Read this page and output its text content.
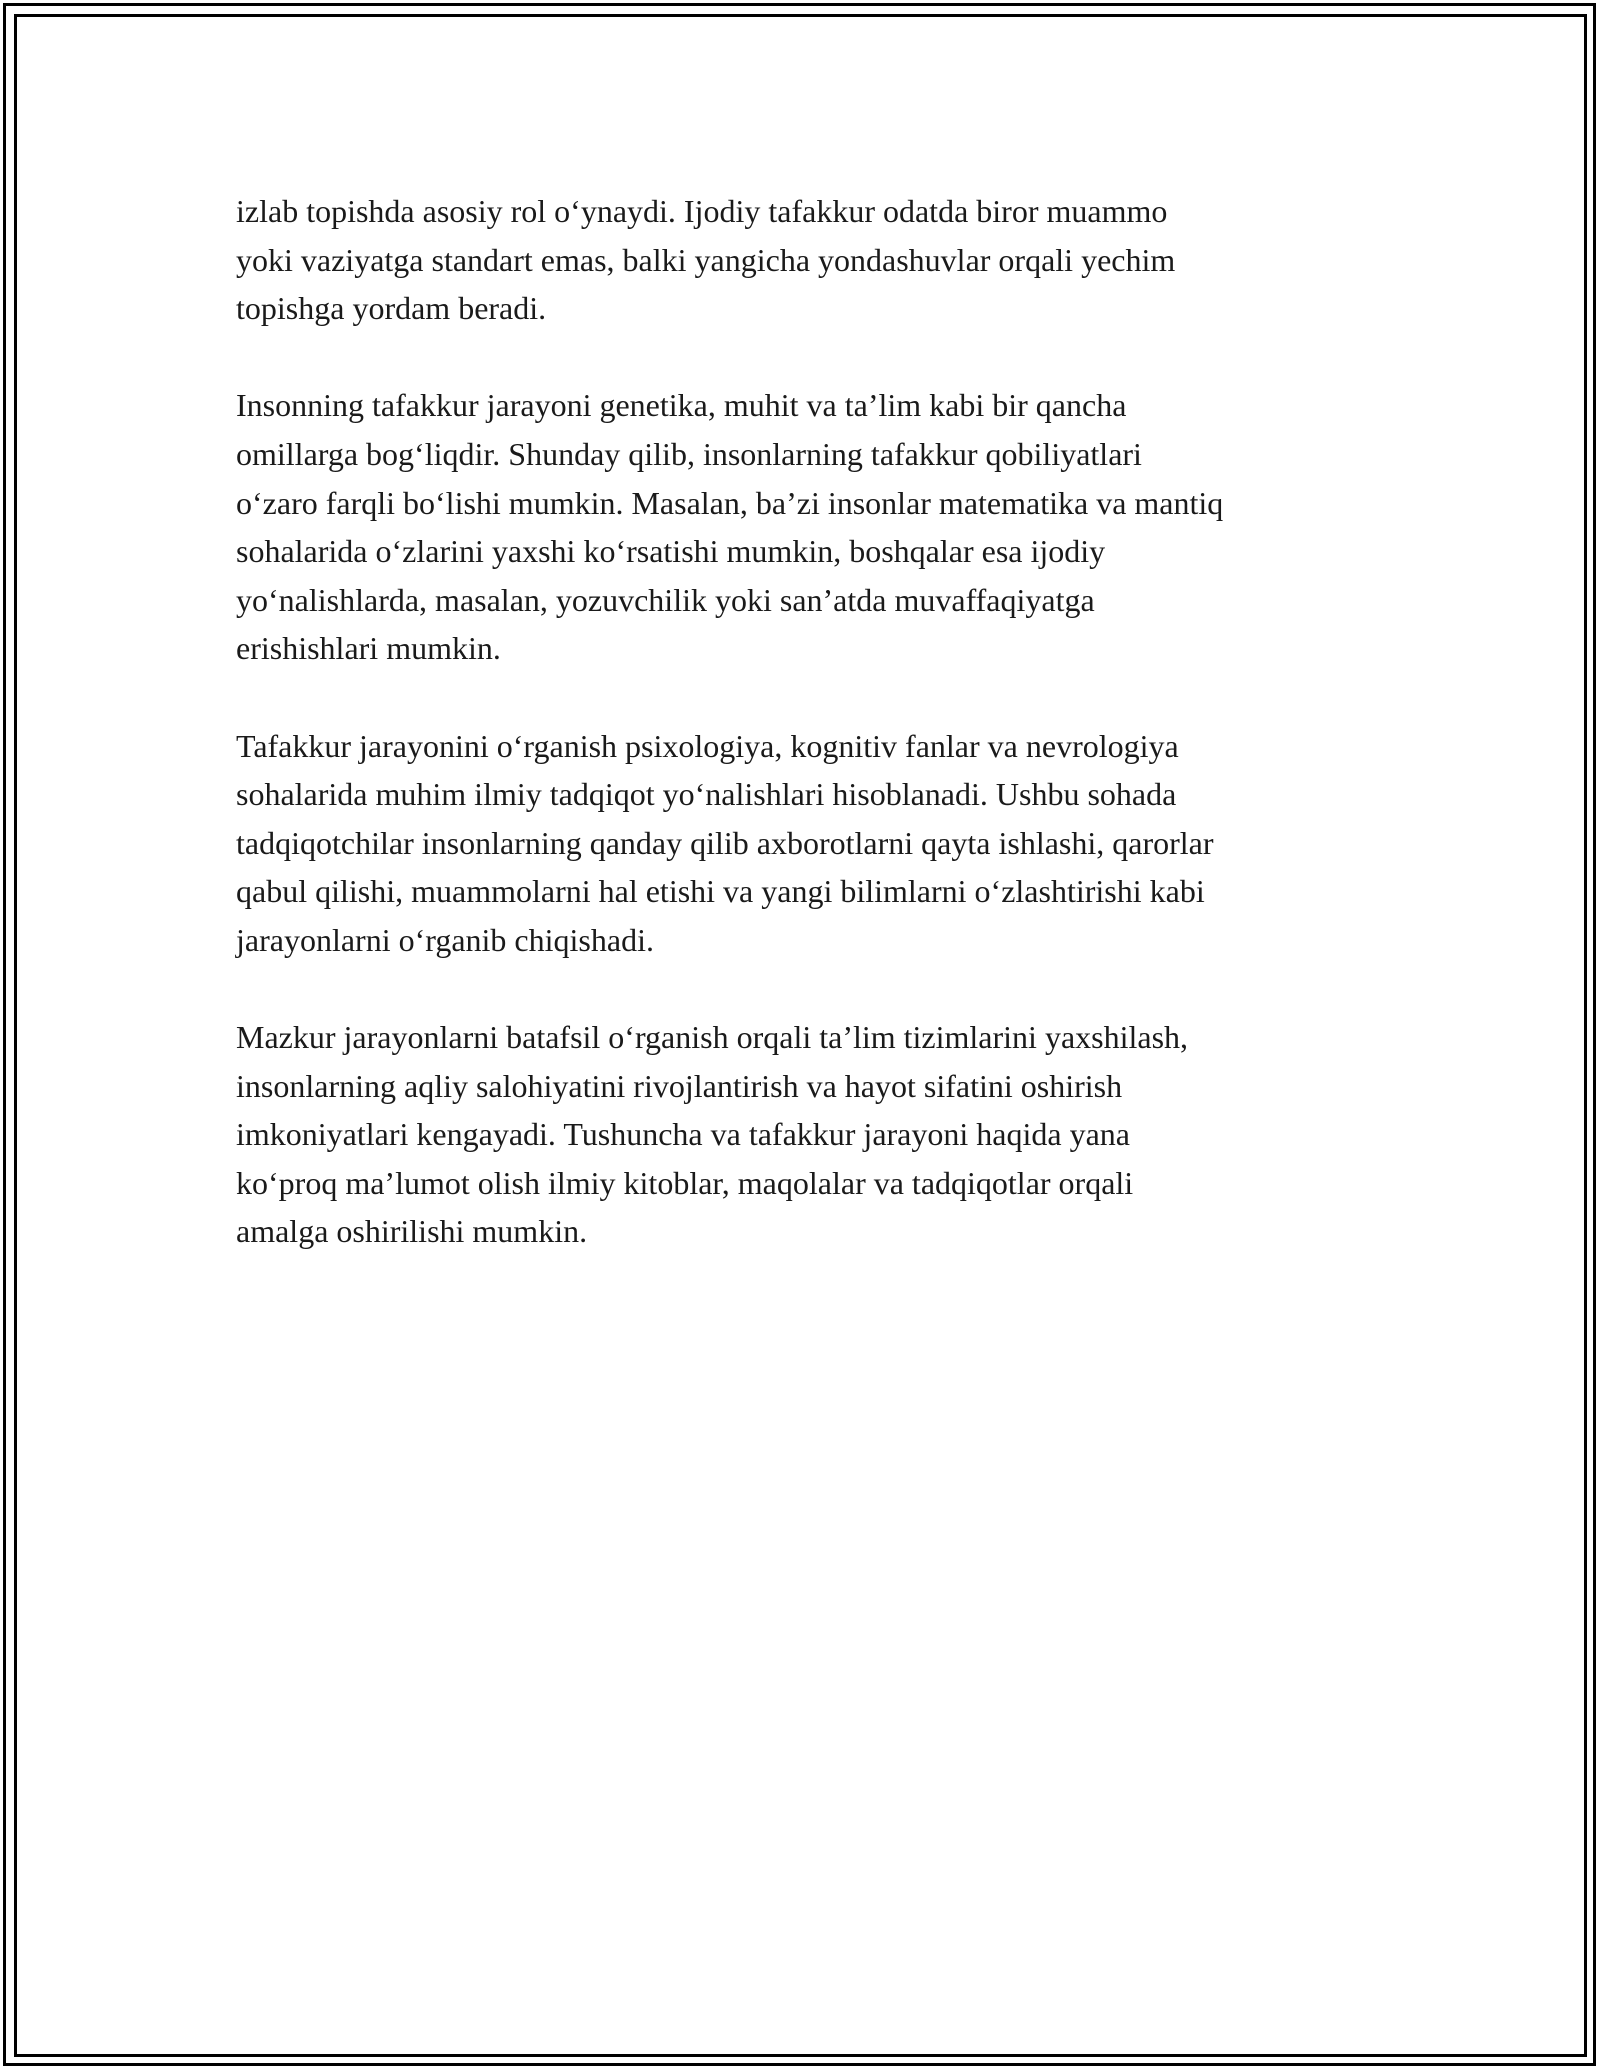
izlab topishda asosiy rol o‘ynaydi. Ijodiy tafakkur odatda biror muammo
yoki vaziyatga standart emas, balki yangicha yondashuvlar orqali yechim
topishga yordam beradi.

Insonning tafakkur jarayoni genetika, muhit va ta’lim kabi bir qancha
omillarga bog‘liqdir. Shunday qilib, insonlarning tafakkur qobiliyatlari
o‘zaro farqli bo‘lishi mumkin. Masalan, ba’zi insonlar matematika va mantiq
sohalarida o‘zlarini yaxshi ko‘rsatishi mumkin, boshqalar esa ijodiy
yo‘nalishlarda, masalan, yozuvchilik yoki san’atda muvaffaqiyatga
erishishlari mumkin.

Tafakkur jarayonini o‘rganish psixologiya, kognitiv fanlar va nevrologiya
sohalarida muhim ilmiy tadqiqot yo‘nalishlari hisoblanadi. Ushbu sohada
tadqiqotchilar insonlarning qanday qilib axborotlarni qayta ishlashi, qarorlar
qabul qilishi, muammolarni hal etishi va yangi bilimlarni o‘zlashtirishi kabi
jarayonlarni o‘rganib chiqishadi.

Mazkur jarayonlarni batafsil o‘rganish orqali ta’lim tizimlarini yaxshilash,
insonlarning aqliy salohiyatini rivojlantirish va hayot sifatini oshirish
imkoniyatlari kengayadi. Tushuncha va tafakkur jarayoni haqida yana
ko‘proq ma’lumot olish ilmiy kitoblar, maqolalar va tadqiqotlar orqali
amalga oshirilishi mumkin.
